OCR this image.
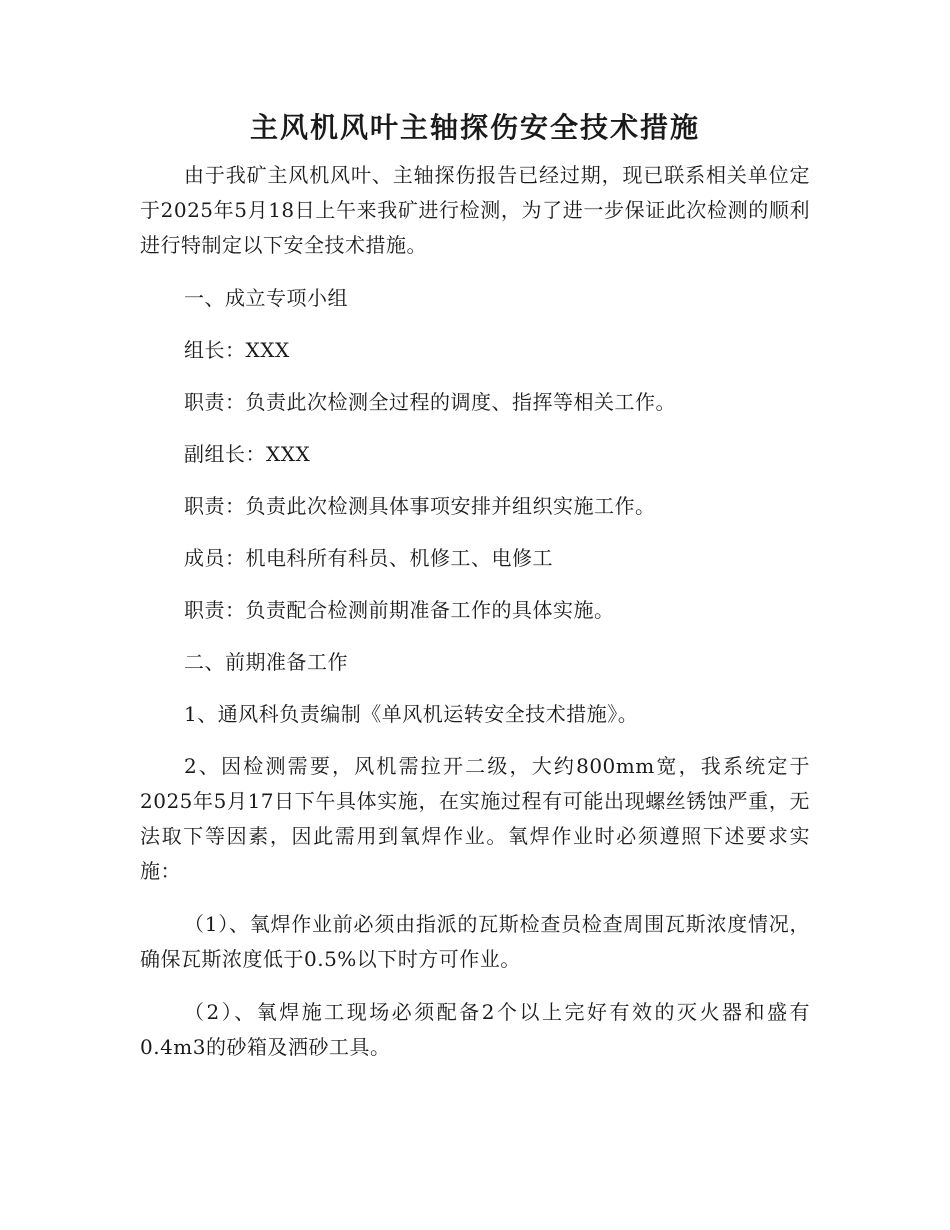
主风机风叶主轴探伤安全技术措施

由于我矿主风机风叶、主轴探伤报告已经过期，现已联系相关单位定于2025年5月18日上午来我矿进行检测，为了进一步保证此次检测的顺利进行特制定以下安全技术措施。

一、成立专项小组

组长：XXX

职责：负责此次检测全过程的调度、指挥等相关工作。

副组长：XXX

职责：负责此次检测具体事项安排并组织实施工作。

成员：机电科所有科员、机修工、电修工

职责：负责配合检测前期准备工作的具体实施。

二、前期准备工作

1、通风科负责编制《单风机运转安全技术措施》。

2、因检测需要，风机需拉开二级，大约800mm宽，我系统定于2025年5月17日下午具体实施，在实施过程有可能出现螺丝锈蚀严重，无法取下等因素，因此需用到氧焊作业。氧焊作业时必须遵照下述要求实施：

（1）、氧焊作业前必须由指派的瓦斯检查员检查周围瓦斯浓度情况，确保瓦斯浓度低于0.5%以下时方可作业。

（2）、氧焊施工现场必须配备2个以上完好有效的灭火器和盛有0.4m3的砂箱及洒砂工具。
